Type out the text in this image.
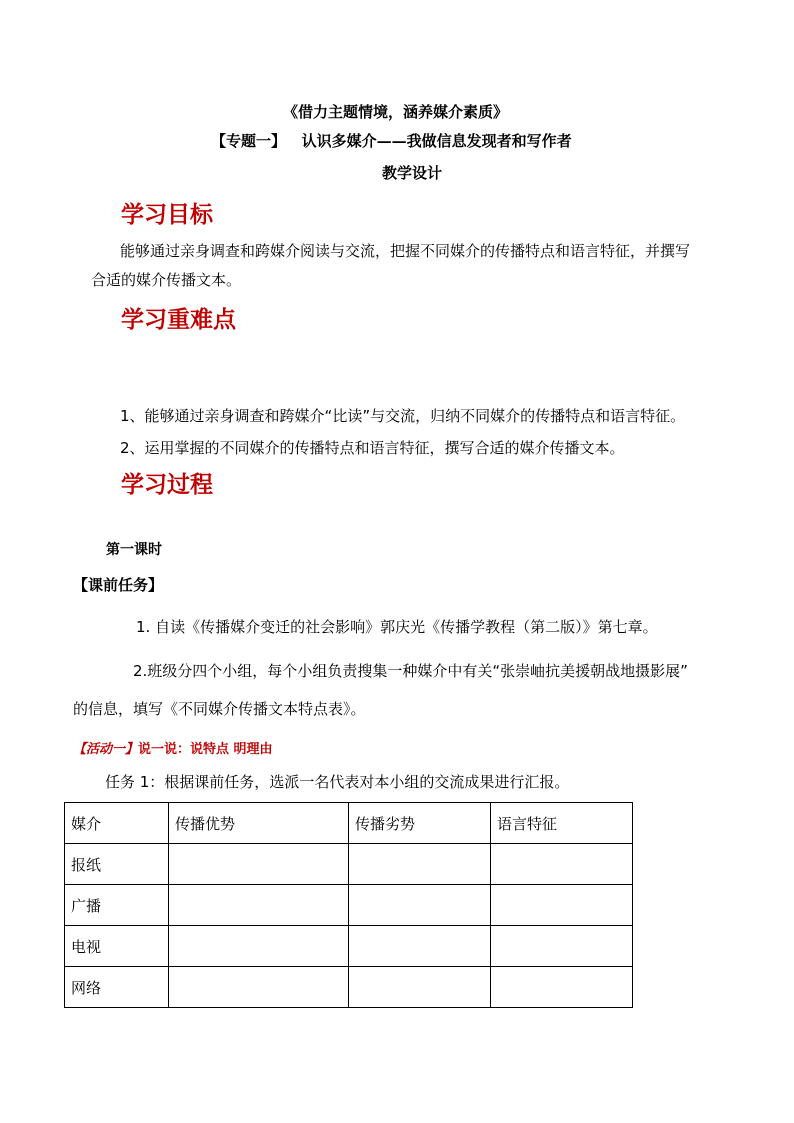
《借力主题情境，涵养媒介素质》
【专题一】   认识多媒介——我做信息发现者和写作者
教学设计
学习目标
能够通过亲身调查和跨媒介阅读与交流，把握不同媒介的传播特点和语言特征，并撰写
合适的媒介传播文本。
学习重难点
1、能够通过亲身调查和跨媒介“比读”与交流，归纳不同媒介的传播特点和语言特征。
2、运用掌握的不同媒介的传播特点和语言特征，撰写合适的媒介传播文本。
学习过程
第一课时
【课前任务】
1. 自读《传播媒介变迁的社会影响》郭庆光《传播学教程（第二版）》第七章。
2.班级分四个小组，每个小组负责搜集一种媒介中有关“张崇岫抗美援朝战地摄影展”
的信息，填写《不同媒介传播文本特点表》。
【活动一】说一说：说特点 明理由
任务 1：根据课前任务，选派一名代表对本小组的交流成果进行汇报。
媒介	传播优势	传播劣势	语言特征
报纸			
广播			
电视			
网络			
